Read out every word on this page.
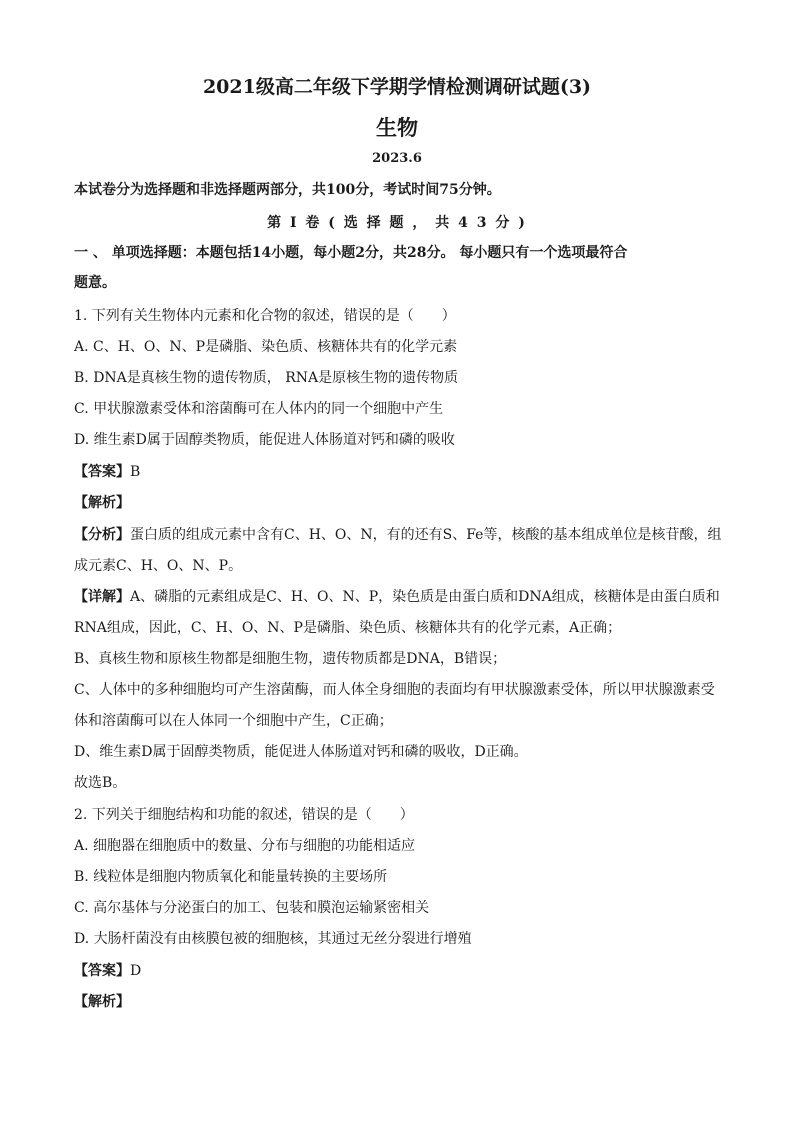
2021级高二年级下学期学情检测调研试题(3)
生物
2023.6
本试卷分为选择题和非选择题两部分，共100分，考试时间75分钟。
第 I 卷 ( 选 择 题 ， 共 4 3 分 )
一 、 单项选择题：本题包括14小题，每小题2分，共28分。 每小题只有一个选项最符合
题意。
1. 下列有关生物体内元素和化合物的叙述，错误的是（　　）
A. C、H、O、N、P是磷脂、染色质、核糖体共有的化学元素
B. DNA是真核生物的遗传物质， RNA是原核生物的遗传物质
C. 甲状腺激素受体和溶菌酶可在人体内的同一个细胞中产生
D. 维生素D属于固醇类物质，能促进人体肠道对钙和磷的吸收
【答案】B
【解析】
【分析】蛋白质的组成元素中含有C、H、O、N，有的还有S、Fe等，核酸的基本组成单位是核苷酸，组
成元素C、H、O、N、P。
【详解】A、磷脂的元素组成是C、H、O、N、P，染色质是由蛋白质和DNA组成，核糖体是由蛋白质和
RNA组成，因此，C、H、O、N、P是磷脂、染色质、核糖体共有的化学元素，A正确；
B、真核生物和原核生物都是细胞生物，遗传物质都是DNA，B错误；
C、人体中的多种细胞均可产生溶菌酶，而人体全身细胞的表面均有甲状腺激素受体，所以甲状腺激素受
体和溶菌酶可以在人体同一个细胞中产生，C正确；
D、维生素D属于固醇类物质，能促进人体肠道对钙和磷的吸收，D正确。
故选B。
2. 下列关于细胞结构和功能的叙述，错误的是（　　）
A. 细胞器在细胞质中的数量、分布与细胞的功能相适应
B. 线粒体是细胞内物质氧化和能量转换的主要场所
C. 高尔基体与分泌蛋白的加工、包装和膜泡运输紧密相关
D. 大肠杆菌没有由核膜包被的细胞核，其通过无丝分裂进行增殖
【答案】D
【解析】
